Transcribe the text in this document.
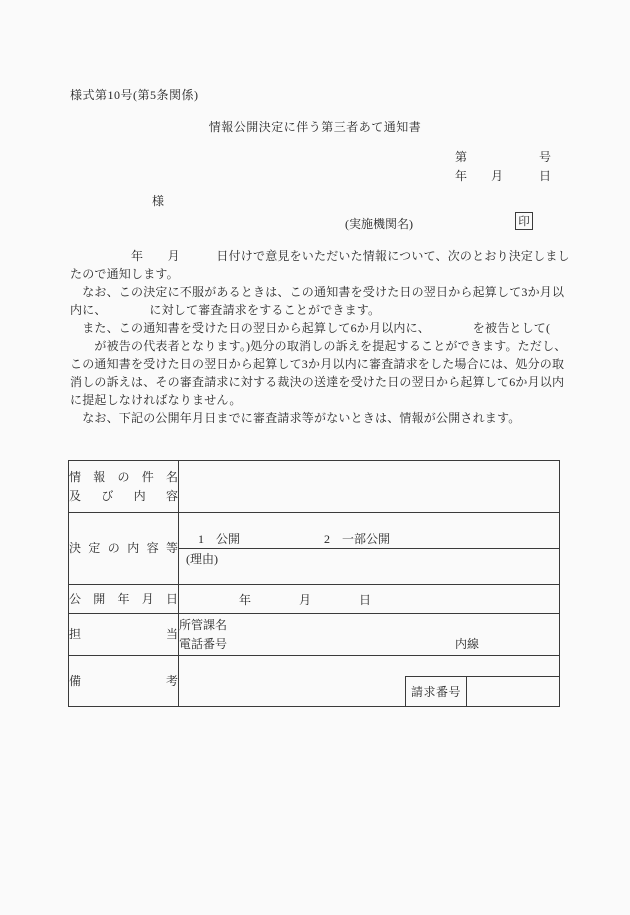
様式第10号(第5条関係)
情報公開決定に伴う第三者あて通知書
第　　　　　　号
年　　月　　　日
様
(実施機関名)	印
　　　　　年　　月　　　日付けで意見をいただいた情報について、次のとおり決定しまし
たので通知します。
　なお、この決定に不服があるときは、この通知書を受けた日の翌日から起算して3か月以
内に、　　　　に対して審査請求をすることができます。
　また、この通知書を受けた日の翌日から起算して6か月以内に、　　　　を被告として(
　　が被告の代表者となります。)処分の取消しの訴えを提起することができます。ただし、
この通知書を受けた日の翌日から起算して3か月以内に審査請求をした場合には、処分の取
消しの訴えは、その審査請求に対する裁決の送達を受けた日の翌日から起算して6か月以内
に提起しなければなりません。
　なお、下記の公開年月日までに審査請求等がないときは、情報が公開されます。
情報の件名
及び内容	

決定の内容等	　1　公開　　　　　　　2　一部公開
(理由)

公開年月日	　　　　　年　　　　月　　　　日

担当	所管課名
電話番号　　　　　　　　　　　　　　　　　　　内線

備考	請求番号
